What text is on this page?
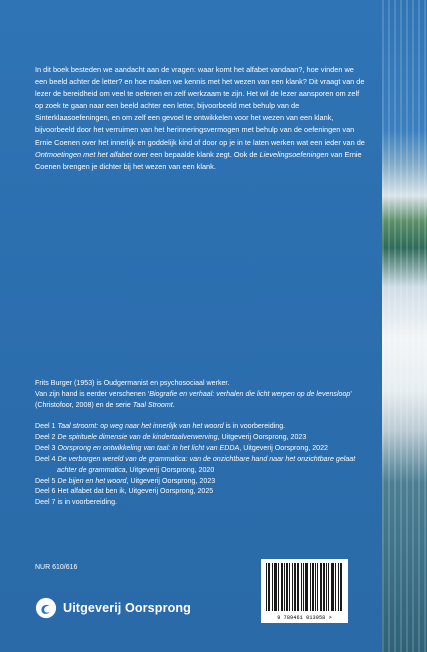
In dit boek besteden we aandacht aan de vragen: waar komt het alfabet vandaan?, hoe vinden we een beeld achter de letter? en hoe maken we kennis met het wezen van een klank? Dit vraagt van de lezer de bereidheid om veel te oefenen en zelf werkzaam te zijn. Het wil de lezer aansporen om zelf op zoek te gaan naar een beeld achter een letter, bijvoorbeeld met behulp van de Sinterklaasoefeningen, en om zelf een gevoel te ontwikkelen voor het wezen van een klank, bijvoorbeeld door het verruimen van het herinneringsvermogen met behulp van de oefeningen van Ernie Coenen over het innerlijk en goddelijk kind of door op je in te laten werken wat een ieder van de Ontmoetingen met het alfabet over een bepaalde klank zegt. Ook de Lievelingsoefeningen van Ernie Coenen brengen je dichter bij het wezen van een klank.

Frits Burger (1953) is Oudgermanist en psychosociaal werker.
Van zijn hand is eerder verschenen ‘Biografie en verhaal: verhalen die licht werpen op de levensloop’
(Christofoor, 2008) en de serie Taal Stroomt.

Deel 1 Taal stroomt: op weg naar het innerlijk van het woord is in voorbereiding.
Deel 2 De spirituele dimensie van de kindertaalverwerving, Uitgeverij Oorsprong, 2023
Deel 3 Oorsprong en ontwikkeling van taal: in het licht van EDDA, Uitgeverij Oorsprong, 2022
Deel 4 De verborgen wereld van de grammatica: van de onzichtbare hand naar het onzichtbare gelaat
achter de grammatica, Uitgeverij Oorsprong, 2020
Deel 5 De bijen en het woord, Uitgeverij Oorsprong, 2023
Deel 6 Het alfabet dat ben ik, Uitgeverij Oorsprong, 2025
Deel 7 is in voorbereiding.

NUR 610/616

Uitgeverij Oorsprong
9 789461 013958 >
